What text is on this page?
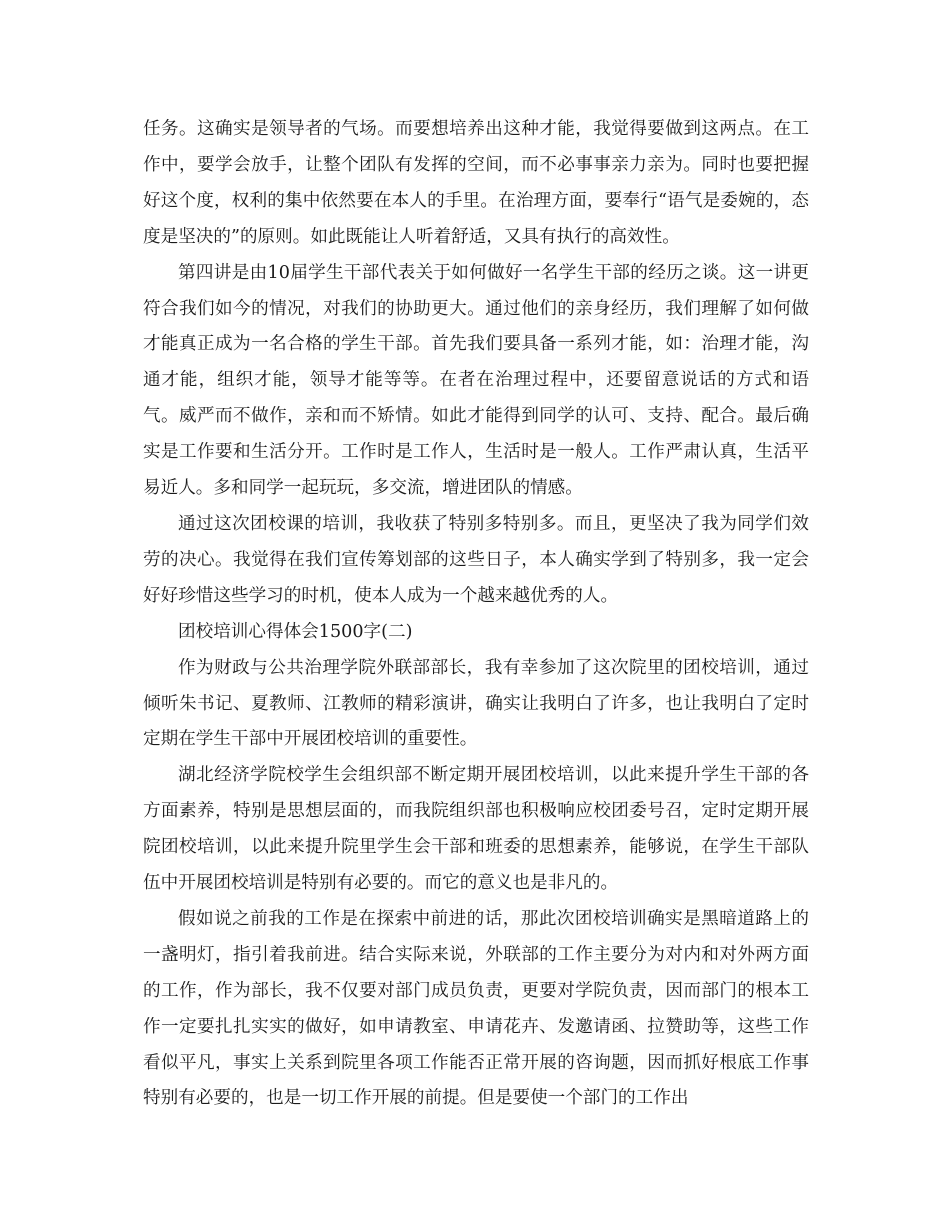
任务。这确实是领导者的气场。而要想培养出这种才能，我觉得要做到这两点。在工作中，要学会放手，让整个团队有发挥的空间，而不必事事亲力亲为。同时也要把握好这个度，权利的集中依然要在本人的手里。在治理方面，要奉行“语气是委婉的，态度是坚决的”的原则。如此既能让人听着舒适，又具有执行的高效性。

第四讲是由10届学生干部代表关于如何做好一名学生干部的经历之谈。这一讲更符合我们如今的情况，对我们的协助更大。通过他们的亲身经历，我们理解了如何做才能真正成为一名合格的学生干部。首先我们要具备一系列才能，如：治理才能，沟通才能，组织才能，领导才能等等。在者在治理过程中，还要留意说话的方式和语气。威严而不做作，亲和而不矫情。如此才能得到同学的认可、支持、配合。最后确实是工作要和生活分开。工作时是工作人，生活时是一般人。工作严肃认真，生活平易近人。多和同学一起玩玩，多交流，增进团队的情感。

通过这次团校课的培训，我收获了特别多特别多。而且，更坚决了我为同学们效劳的决心。我觉得在我们宣传筹划部的这些日子，本人确实学到了特别多，我一定会好好珍惜这些学习的时机，使本人成为一个越来越优秀的人。

团校培训心得体会1500字(二)

作为财政与公共治理学院外联部部长，我有幸参加了这次院里的团校培训，通过倾听朱书记、夏教师、江教师的精彩演讲，确实让我明白了许多，也让我明白了定时定期在学生干部中开展团校培训的重要性。

湖北经济学院校学生会组织部不断定期开展团校培训，以此来提升学生干部的各方面素养，特别是思想层面的，而我院组织部也积极响应校团委号召，定时定期开展院团校培训，以此来提升院里学生会干部和班委的思想素养，能够说，在学生干部队伍中开展团校培训是特别有必要的。而它的意义也是非凡的。

假如说之前我的工作是在探索中前进的话，那此次团校培训确实是黑暗道路上的一盏明灯，指引着我前进。结合实际来说，外联部的工作主要分为对内和对外两方面的工作，作为部长，我不仅要对部门成员负责，更要对学院负责，因而部门的根本工作一定要扎扎实实的做好，如申请教室、申请花卉、发邀请函、拉赞助等，这些工作看似平凡，事实上关系到院里各项工作能否正常开展的咨询题，因而抓好根底工作事特别有必要的，也是一切工作开展的前提。但是要使一个部门的工作出
